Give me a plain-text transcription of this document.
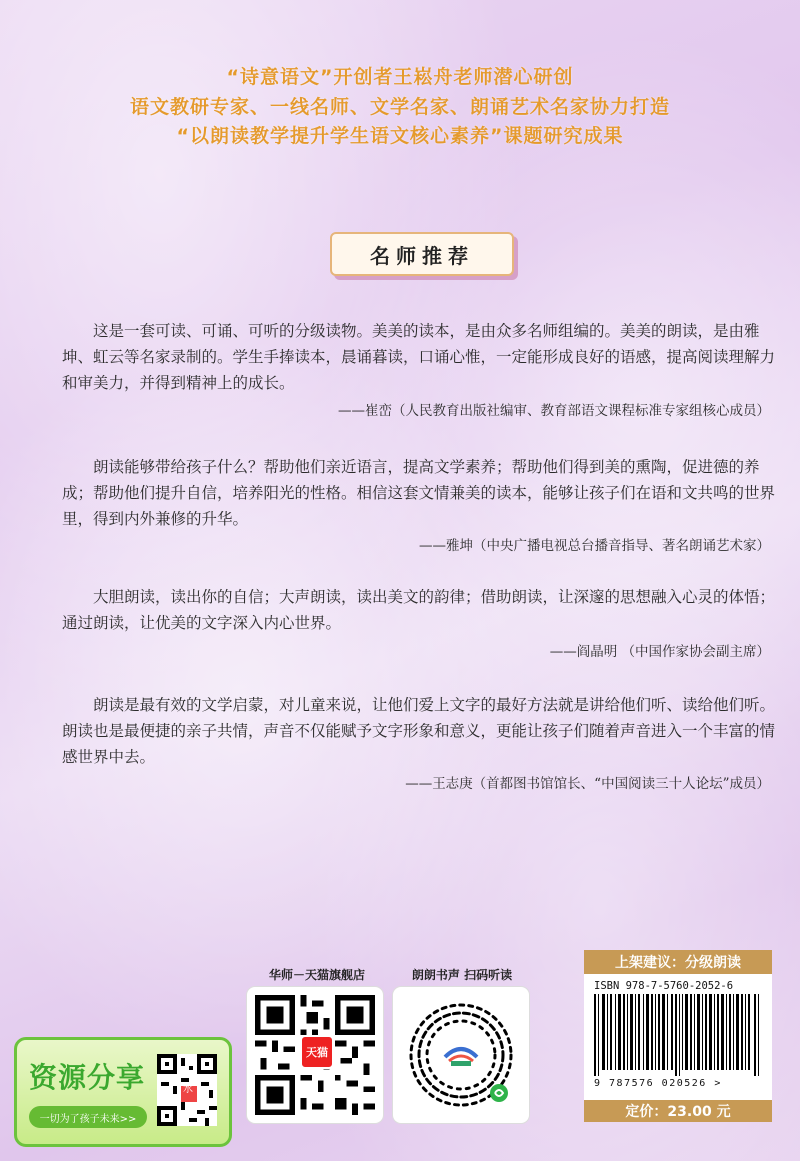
“诗意语文”开创者王崧舟老师潜心研创
语文教研专家、一线名师、文学名家、朗诵艺术名家协力打造
“以朗读教学提升学生语文核心素养”课题研究成果
名师推荐

这是一套可读、可诵、可听的分级读物。美美的读本，是由众多名师组编的。美美的朗读，是由雅坤、虹云等名家录制的。学生手捧读本，晨诵暮读，口诵心惟，一定能形成良好的语感，提高阅读理解力和审美力，并得到精神上的成长。

——崔峦（人民教育出版社编审、教育部语文课程标准专家组核心成员）

朗读能够带给孩子什么？帮助他们亲近语言，提高文学素养；帮助他们得到美的熏陶，促进德的养成；帮助他们提升自信，培养阳光的性格。相信这套文情兼美的读本，能够让孩子们在语和文共鸣的世界里，得到内外兼修的升华。

——雅坤（中央广播电视总台播音指导、著名朗诵艺术家）

大胆朗读，读出你的自信；大声朗读，读出美文的韵律；借助朗读，让深邃的思想融入心灵的体悟；通过朗读，让优美的文字深入内心世界。

——阎晶明 （中国作家协会副主席）

朗读是最有效的文学启蒙，对儿童来说，让他们爱上文字的最好方法就是讲给他们听、读给他们听。朗读也是最便捷的亲子共情，声音不仅能赋予文字形象和意义，更能让孩子们随着声音进入一个丰富的情感世界中去。

——王志庚（首都图书馆馆长、“中国阅读三十人论坛”成员）
华师－天猫旗舰店
天猫
朗朗书声 扫码听读
上架建议：分级朗读
ISBN 978-7-5760-2052-6
9 787576 020526 >
定价：23.00 元
资源分享
一切为了孩子未来>>
水
